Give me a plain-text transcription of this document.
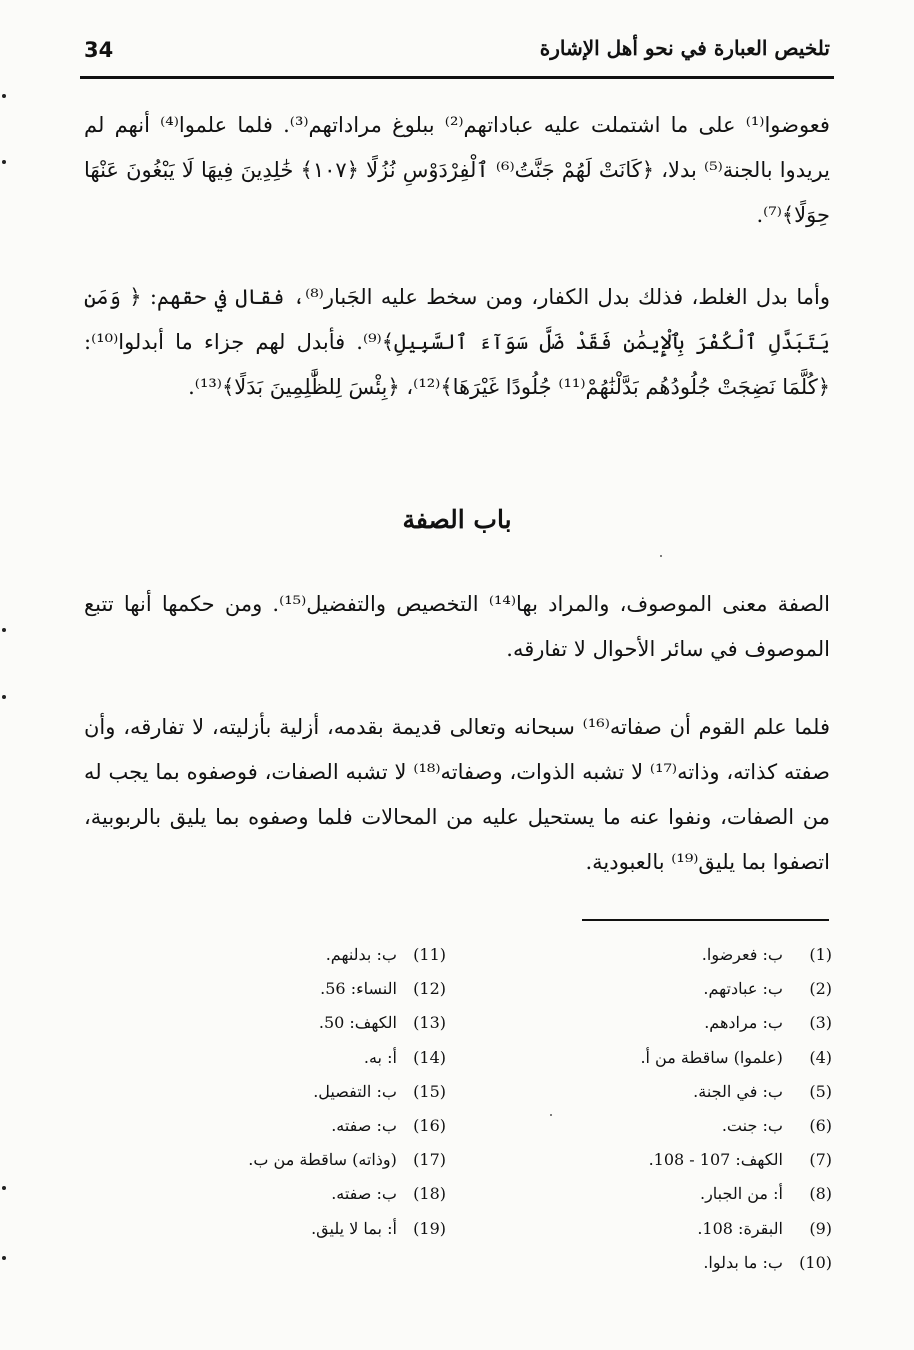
34	تلخيص العبارة في نحو أهل الإشارة

فعوضوا⁽¹⁾ على ما اشتملت عليه عباداتهم⁽²⁾ ببلوغ مراداتهم⁽³⁾. فلما علموا⁽⁴⁾ أنهم لم يريدوا بالجنة⁽⁵⁾ بدلا، ﴿كَانَتْ لَهُمْ جَنَّتُ⁽⁶⁾ ٱلْفِرْدَوْسِ نُزُلًا ﴿١٠٧﴾ خَٰلِدِينَ فِيهَا لَا يَبْغُونَ عَنْهَا حِوَلًا﴾⁽⁷⁾.

وأما بدل الغلط، فذلك بدل الكفار، ومن سخط عليه الجَبار⁽⁸⁾، فقال في حقهم: ﴿ وَمَن يَتَبَدَّلِ ٱلْكُفْرَ بِٱلْإِيمَٰنِ فَقَدْ ضَلَّ سَوَآءَ ٱلسَّبِيلِ﴾⁽⁹⁾. فأبدل لهم جزاء ما أبدلوا⁽¹⁰⁾: ﴿كُلَّمَا نَضِجَتْ جُلُودُهُم بَدَّلْنَٰهُمْ⁽¹¹⁾ جُلُودًا غَيْرَهَا﴾⁽¹²⁾، ﴿بِئْسَ لِلظَّٰلِمِينَ بَدَلًا﴾⁽¹³⁾.

باب الصفة

الصفة معنى الموصوف، والمراد بها⁽¹⁴⁾ التخصيص والتفضيل⁽¹⁵⁾. ومن حكمها أنها تتبع الموصوف في سائر الأحوال لا تفارقه.

فلما علم القوم أن صفاته⁽¹⁶⁾ سبحانه وتعالى قديمة بقدمه، أزلية بأزليته، لا تفارقه، وأن صفته كذاته، وذاته⁽¹⁷⁾ لا تشبه الذوات، وصفاته⁽¹⁸⁾ لا تشبه الصفات، فوصفوه بما يجب له من الصفات، ونفوا عنه ما يستحيل عليه من المحالات فلما وصفوه بما يليق بالربوبية، اتصفوا بما يليق⁽¹⁹⁾ بالعبودية.

(1) ب: فعرضوا.
(2) ب: عبادتهم.
(3) ب: مرادهم.
(4) (علموا) ساقطة من أ.
(5) ب: في الجنة.
(6) ب: جنت.
(7) الكهف: 107 - 108.
(8) أ: من الجبار.
(9) البقرة: 108.
(10) ب: ما بدلوا.
(11) ب: بدلنهم.
(12) النساء: 56.
(13) الكهف: 50.
(14) أ: به.
(15) ب: التفصيل.
(16) ب: صفته.
(17) (وذاته) ساقطة من ب.
(18) ب: صفته.
(19) أ: بما لا يليق.
